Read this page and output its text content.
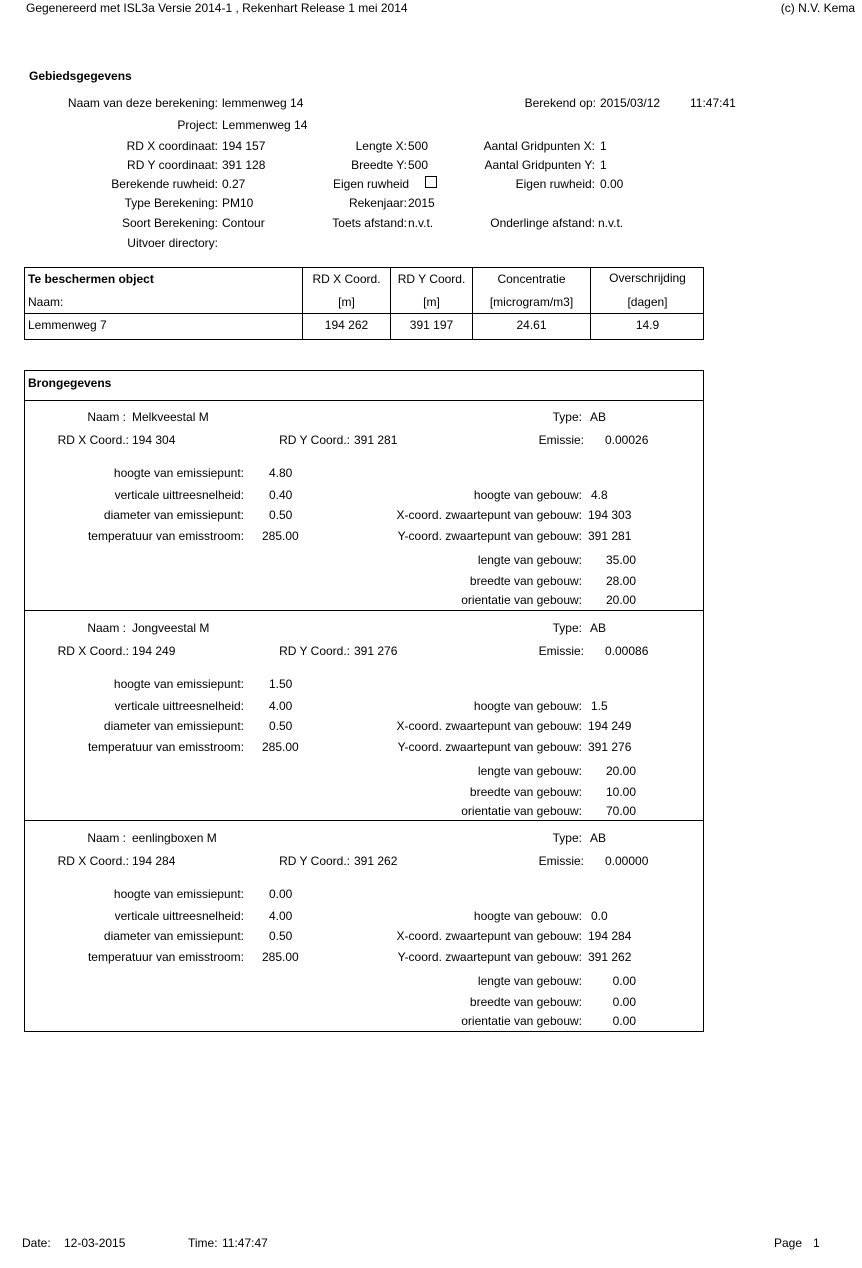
Gegenereerd met ISL3a Versie 2014-1 , Rekenhart Release 1 mei 2014	(c) N.V. Kema
Gebiedsgegevens
Naam van deze berekening: lemmenweg 14	Berekend op: 2015/03/12 11:47:41
Project: Lemmenweg 14
RD X coordinaat: 194 157	Lengte X: 500	Aantal Gridpunten X: 1
RD Y coordinaat: 391 128	Breedte Y: 500	Aantal Gridpunten Y: 1
Berekende ruwheid: 0.27	Eigen ruwheid	Eigen ruwheid: 0.00
Type Berekening: PM10	Rekenjaar: 2015
Soort Berekening: Contour	Toets afstand: n.v.t.	Onderlinge afstand: n.v.t.
Uitvoer directory:
Te beschermen object	RD X Coord.	RD Y Coord.	Concentratie	Overschrijding
Naam:	[m]	[m]	[microgram/m3]	[dagen]
Lemmenweg 7	194 262	391 197	24.61	14.9
Brongegevens
Naam : Melkveestal M	Type: AB
RD X Coord.: 194 304	RD Y Coord.: 391 281	Emissie: 0.00026
hoogte van emissiepunt: 4.80
verticale uittreesnelheid: 0.40	hoogte van gebouw: 4.8
diameter van emissiepunt: 0.50	X-coord. zwaartepunt van gebouw: 194 303
temperatuur van emisstroom: 285.00	Y-coord. zwaartepunt van gebouw: 391 281
lengte van gebouw: 35.00
breedte van gebouw: 28.00
orientatie van gebouw: 20.00
Naam : Jongveestal M	Type: AB
RD X Coord.: 194 249	RD Y Coord.: 391 276	Emissie: 0.00086
hoogte van emissiepunt: 1.50
verticale uittreesnelheid: 4.00	hoogte van gebouw: 1.5
diameter van emissiepunt: 0.50	X-coord. zwaartepunt van gebouw: 194 249
temperatuur van emisstroom: 285.00	Y-coord. zwaartepunt van gebouw: 391 276
lengte van gebouw: 20.00
breedte van gebouw: 10.00
orientatie van gebouw: 70.00
Naam : eenlingboxen M	Type: AB
RD X Coord.: 194 284	RD Y Coord.: 391 262	Emissie: 0.00000
hoogte van emissiepunt: 0.00
verticale uittreesnelheid: 4.00	hoogte van gebouw: 0.0
diameter van emissiepunt: 0.50	X-coord. zwaartepunt van gebouw: 194 284
temperatuur van emisstroom: 285.00	Y-coord. zwaartepunt van gebouw: 391 262
lengte van gebouw:	0.00
breedte van gebouw:	0.00
orientatie van gebouw:	0.00
Date: 12-03-2015	Time: 11:47:47	Page 1
